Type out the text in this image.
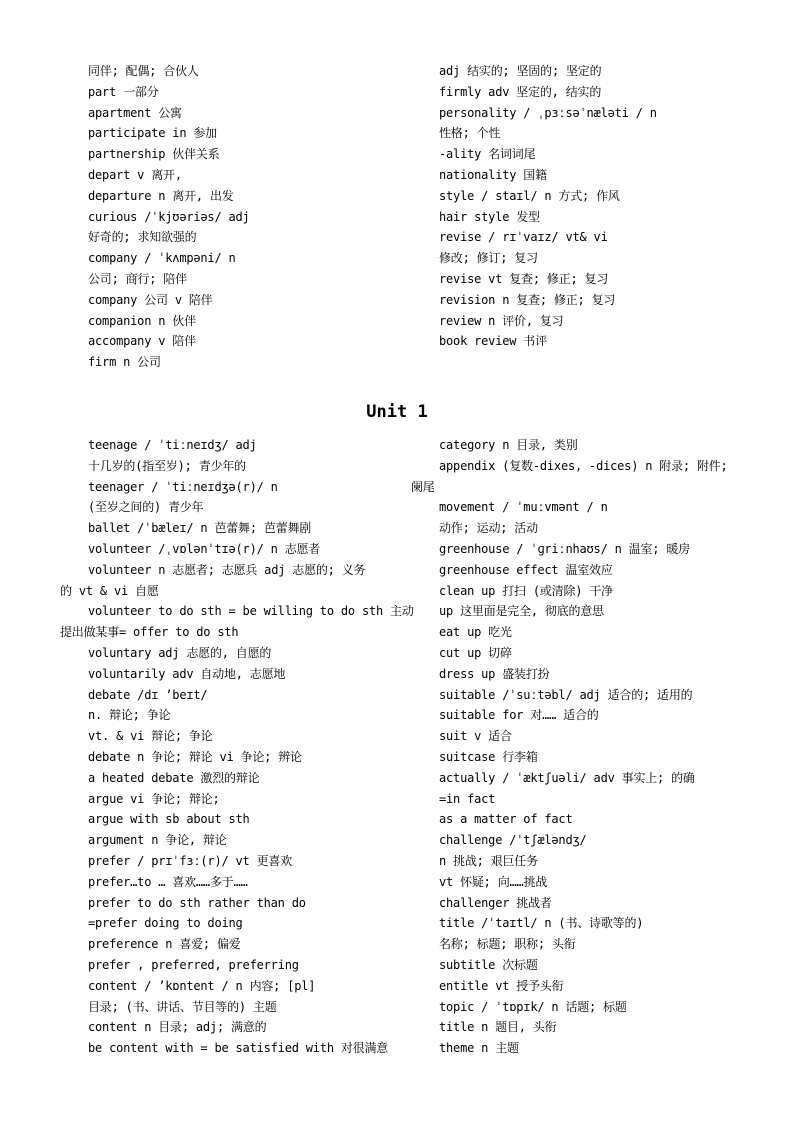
同伴; 配偶; 合伙人
part 一部分
apartment 公寓
participate in 参加
partnership 伙伴关系
depart v 离开,
departure n 离开, 出发
curious /ˈkjʊəriəs/ adj
好奇的; 求知欲强的
company / ˈkʌmpəni/ n
公司; 商行; 陪伴
company 公司 v 陪伴
companion n 伙伴
accompany v 陪伴
firm n 公司
adj 结实的; 坚固的; 坚定的
firmly adv 坚定的, 结实的
personality / ˌpɜːsəˈnæləti / n
性格; 个性
-ality 名词词尾
nationality 国籍
style / staɪl/ n 方式; 作风
hair style 发型
revise / rɪˈvaɪz/ vt& vi
修改; 修订; 复习
revise vt 复查; 修正; 复习
revision n 复查; 修正; 复习
review n 评价, 复习
book review 书评
Unit 1
teenage / ˈtiːneɪdʒ/ adj
十几岁的(指至岁); 青少年的
teenager / ˈtiːneɪdʒə(r)/ n
(至岁之间的) 青少年
ballet /ˈbæleɪ/ n 芭蕾舞; 芭蕾舞剧
volunteer /ˌvɒlənˈtɪə(r)/ n 志愿者
volunteer n 志愿者; 志愿兵 adj 志愿的; 义务
的 vt & vi 自愿
volunteer to do sth = be willing to do sth 主动
提出做某事= offer to do sth
voluntary adj 志愿的, 自愿的
voluntarily adv 自动地, 志愿地
debate /dɪ ’beɪt/
n. 辩论; 争论
vt. & vi 辩论; 争论
debate n 争论; 辩论 vi 争论; 辨论
a heated debate 激烈的辩论
argue vi 争论; 辩论;
argue with sb about sth
argument n 争论, 辩论
prefer / prɪˈfɜː(r)/ vt 更喜欢
prefer…to … 喜欢……多于……
prefer to do sth rather than do
=prefer doing to doing
preference n 喜爱; 偏爱
prefer , preferred, preferring
content / ’kɒntent / n 内容; [pl]
目录; (书、讲话、节目等的) 主题
content n 目录; adj; 满意的
be content with = be satisfied with 对很满意
category n 目录, 类别
appendix (复数-dixes, -dices) n 附录; 附件;
阑尾
movement / ˈmuːvmənt / n
动作; 运动; 活动
greenhouse / ˈɡriːnhaʊs/ n 温室; 暖房
greenhouse effect 温室效应
clean up 打扫 (或清除) 干净
up 这里面是完全, 彻底的意思
eat up 吃光
cut up 切碎
dress up 盛装打扮
suitable /ˈsuːtəbl/ adj 适合的; 适用的
suitable for 对…… 适合的
suit v 适合
suitcase 行李箱
actually / ˈæktʃuəli/ adv 事实上; 的确
=in fact
as a matter of fact
challenge /ˈtʃæləndʒ/
n 挑战; 艰巨任务
vt 怀疑; 向……挑战
challenger 挑战者
title /ˈtaɪtl/ n (书、诗歌等的)
名称; 标题; 职称; 头衔
subtitle 次标题
entitle vt 授予头衔
topic / ˈtɒpɪk/ n 话题; 标题
title n 题目, 头衔
theme n 主题
